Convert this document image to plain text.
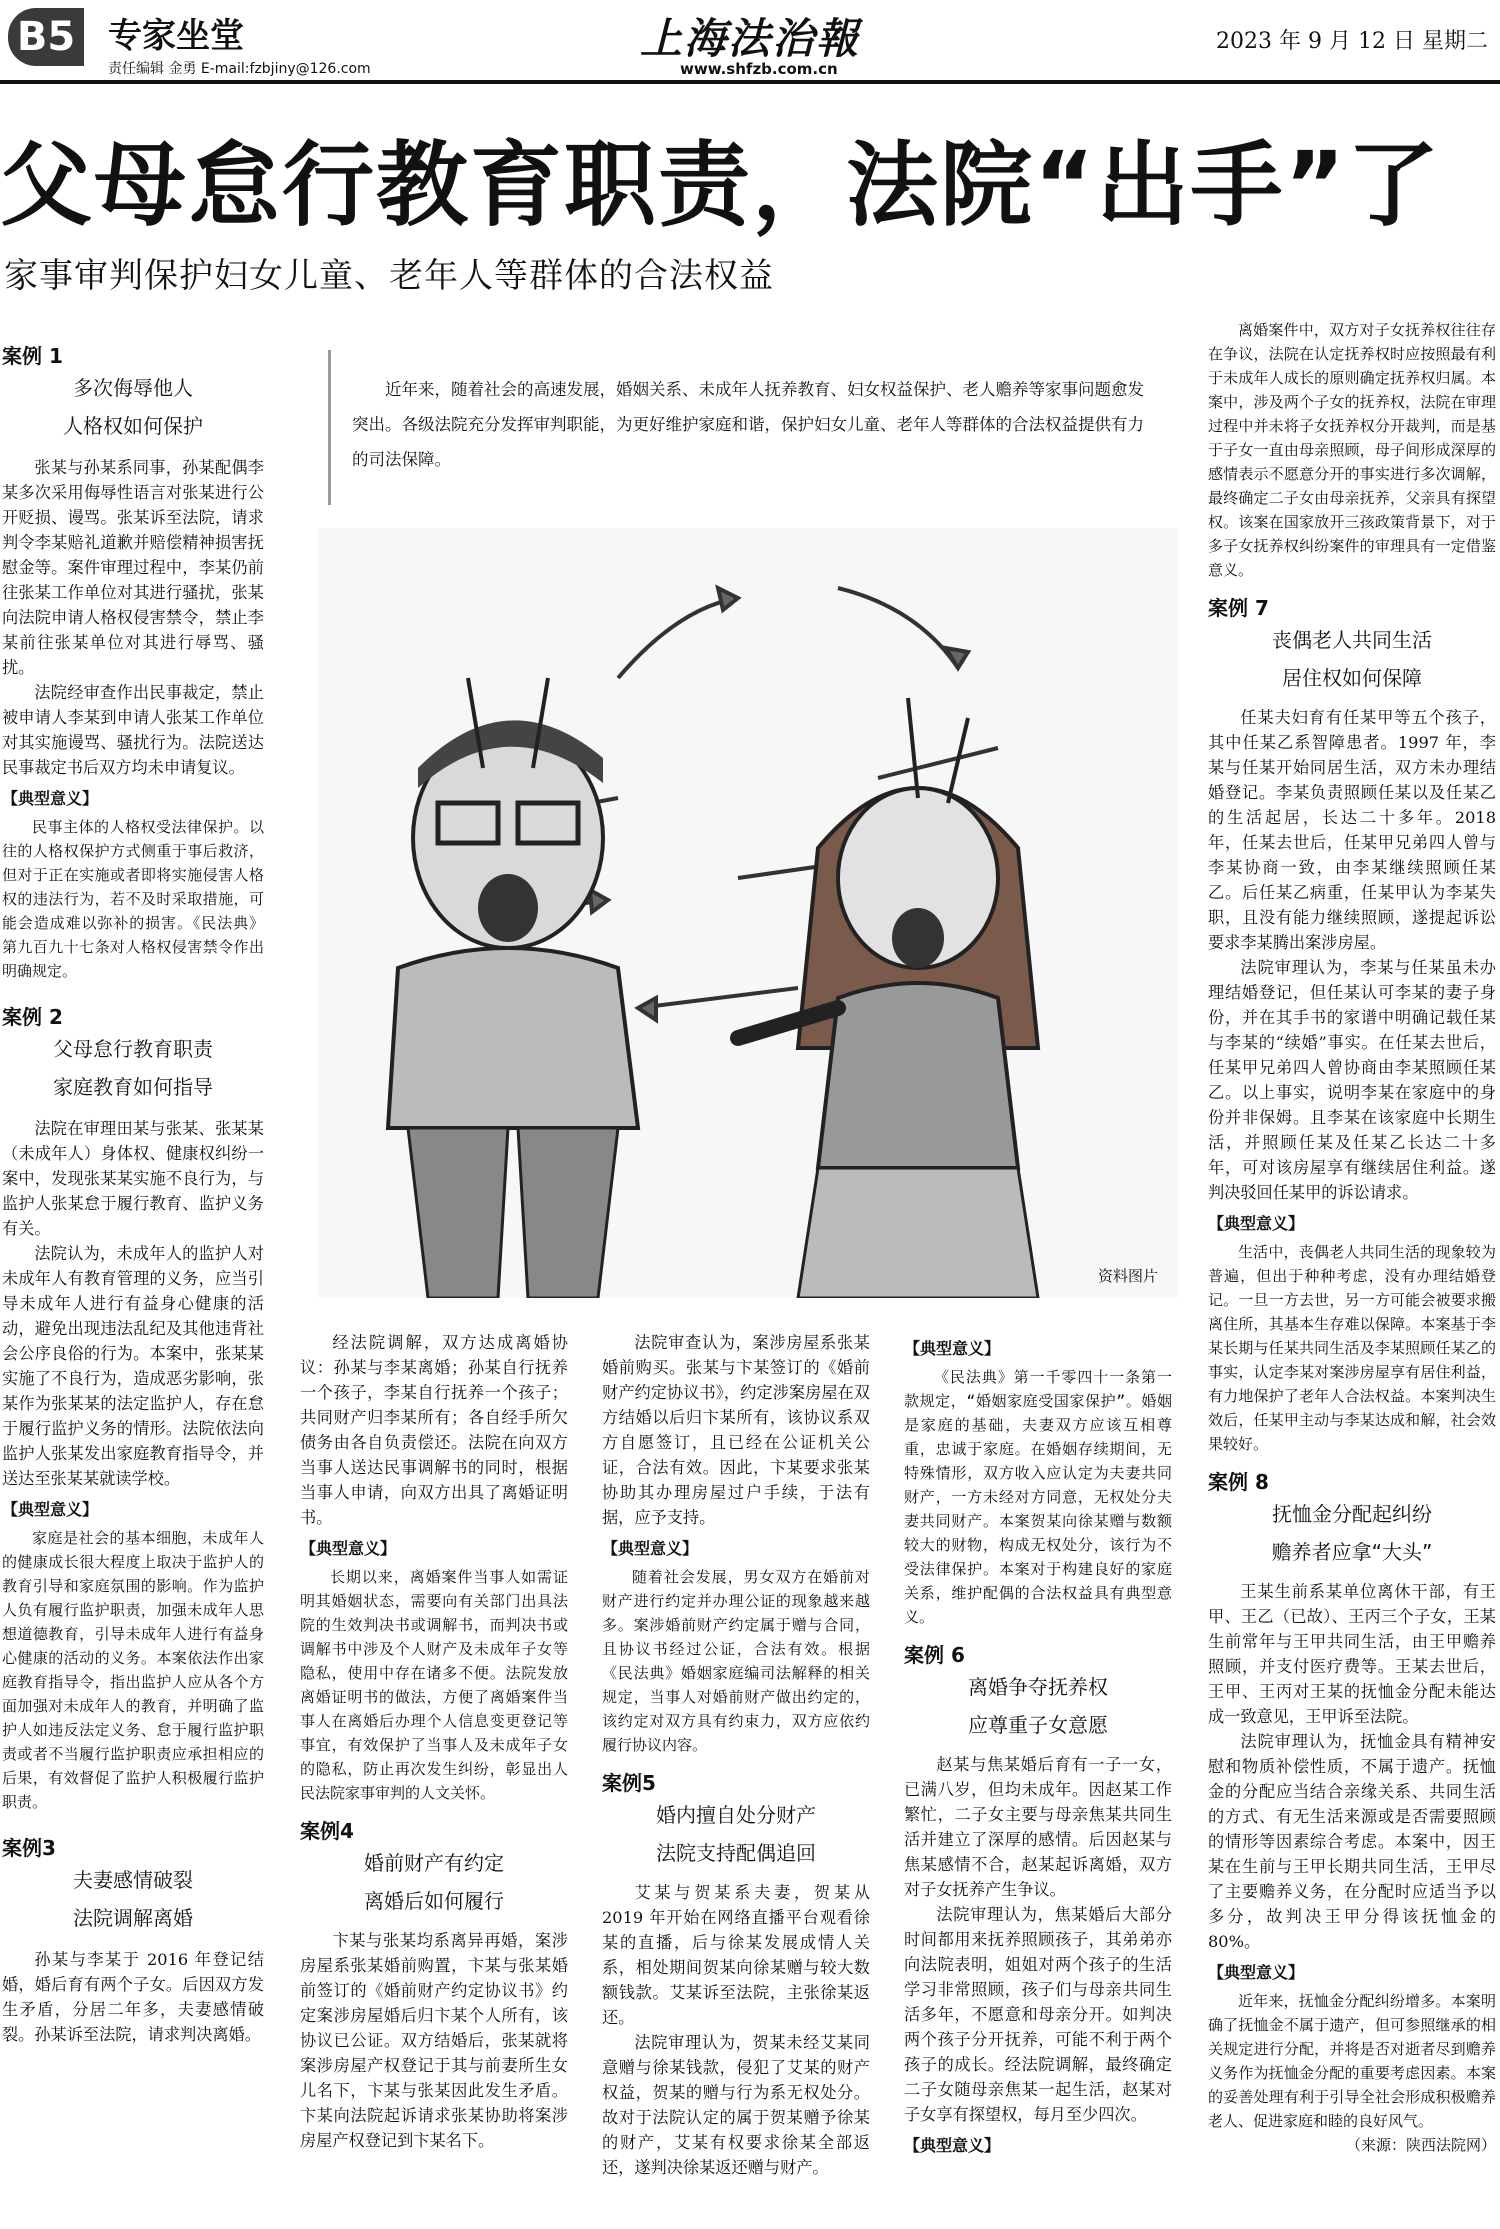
B5 专家坐堂
责任编辑 金勇 E-mail:fzbjiny@126.com
上海法治報
www.shfzb.com.cn
2023 年 9 月 12 日 星期二
父母怠行教育职责，法院“出手”了
家事审判保护妇女儿童、老年人等群体的合法权益
案例 1
多次侮辱他人
人格权如何保护

张某与孙某系同事，孙某配偶李某多次采用侮辱性语言对张某进行公开贬损、谩骂。张某诉至法院，请求判令李某赔礼道歉并赔偿精神损害抚慰金等。案件审理过程中，李某仍前往张某工作单位对其进行骚扰，张某向法院申请人格权侵害禁令，禁止李某前往张某单位对其进行辱骂、骚扰。

法院经审查作出民事裁定，禁止被申请人李某到申请人张某工作单位对其实施谩骂、骚扰行为。法院送达民事裁定书后双方均未申请复议。

【典型意义】

民事主体的人格权受法律保护。以往的人格权保护方式侧重于事后救济，但对于正在实施或者即将实施侵害人格权的违法行为，若不及时采取措施，可能会造成难以弥补的损害。《民法典》第九百九十七条对人格权侵害禁令作出明确规定。

案例 2
父母怠行教育职责
家庭教育如何指导

法院在审理田某与张某、张某某（未成年人）身体权、健康权纠纷一案中，发现张某某实施不良行为，与监护人张某怠于履行教育、监护义务有关。

法院认为，未成年人的监护人对未成年人有教育管理的义务，应当引导未成年人进行有益身心健康的活动，避免出现违法乱纪及其他违背社会公序良俗的行为。本案中，张某某实施了不良行为，造成恶劣影响，张某作为张某某的法定监护人，存在怠于履行监护义务的情形。法院依法向监护人张某发出家庭教育指导令，并送达至张某某就读学校。

【典型意义】

家庭是社会的基本细胞，未成年人的健康成长很大程度上取决于监护人的教育引导和家庭氛围的影响。作为监护人负有履行监护职责，加强未成年人思想道德教育，引导未成年人进行有益身心健康的活动的义务。本案依法作出家庭教育指导令，指出监护人应从各个方面加强对未成年人的教育，并明确了监护人如违反法定义务、怠于履行监护职责或者不当履行监护职责应承担相应的后果，有效督促了监护人积极履行监护职责。

案例3
夫妻感情破裂
法院调解离婚

孙某与李某于 2016 年登记结婚，婚后育有两个子女。后因双方发生矛盾，分居二年多，夫妻感情破裂。孙某诉至法院，请求判决离婚。

近年来，随着社会的高速发展，婚姻关系、未成年人抚养教育、妇女权益保护、老人赡养等家事问题愈发突出。各级法院充分发挥审判职能，为更好维护家庭和谐，保护妇女儿童、老年人等群体的合法权益提供有力的司法保障。
资料图片

经法院调解，双方达成离婚协议：孙某与李某离婚；孙某自行抚养一个孩子，李某自行抚养一个孩子；共同财产归李某所有；各自经手所欠债务由各自负责偿还。法院在向双方当事人送达民事调解书的同时，根据当事人申请，向双方出具了离婚证明书。

【典型意义】

长期以来，离婚案件当事人如需证明其婚姻状态，需要向有关部门出具法院的生效判决书或调解书，而判决书或调解书中涉及个人财产及未成年子女等隐私，使用中存在诸多不便。法院发放离婚证明书的做法，方便了离婚案件当事人在离婚后办理个人信息变更登记等事宜，有效保护了当事人及未成年子女的隐私，防止再次发生纠纷，彰显出人民法院家事审判的人文关怀。

案例4
婚前财产有约定
离婚后如何履行

卞某与张某均系离异再婚，案涉房屋系张某婚前购置，卞某与张某婚前签订的《婚前财产约定协议书》约定案涉房屋婚后归卞某个人所有，该协议已公证。双方结婚后，张某就将案涉房屋产权登记于其与前妻所生女儿名下，卞某与张某因此发生矛盾。卞某向法院起诉请求张某协助将案涉房屋产权登记到卞某名下。

法院审查认为，案涉房屋系张某婚前购买。张某与卞某签订的《婚前财产约定协议书》，约定涉案房屋在双方结婚以后归卞某所有，该协议系双方自愿签订，且已经在公证机关公证，合法有效。因此，卞某要求张某协助其办理房屋过户手续，于法有据，应予支持。

【典型意义】

随着社会发展，男女双方在婚前对财产进行约定并办理公证的现象越来越多。案涉婚前财产约定属于赠与合同，且协议书经过公证，合法有效。根据《民法典》婚姻家庭编司法解释的相关规定，当事人对婚前财产做出约定的，该约定对双方具有约束力，双方应依约履行协议内容。

案例5
婚内擅自处分财产
法院支持配偶追回

艾某与贺某系夫妻，贺某从 2019 年开始在网络直播平台观看徐某的直播，后与徐某发展成情人关系，相处期间贺某向徐某赠与较大数额钱款。艾某诉至法院，主张徐某返还。

法院审理认为，贺某未经艾某同意赠与徐某钱款，侵犯了艾某的财产权益，贺某的赠与行为系无权处分。故对于法院认定的属于贺某赠予徐某的财产，艾某有权要求徐某全部返还，遂判决徐某返还赠与财产。

【典型意义】

《民法典》第一千零四十一条第一款规定，“婚姻家庭受国家保护”。婚姻是家庭的基础，夫妻双方应该互相尊重，忠诚于家庭。在婚姻存续期间，无特殊情形，双方收入应认定为夫妻共同财产，一方未经对方同意，无权处分夫妻共同财产。本案贺某向徐某赠与数额较大的财物，构成无权处分，该行为不受法律保护。本案对于构建良好的家庭关系，维护配偶的合法权益具有典型意义。

案例 6
离婚争夺抚养权
应尊重子女意愿

赵某与焦某婚后育有一子一女，已满八岁，但均未成年。因赵某工作繁忙，二子女主要与母亲焦某共同生活并建立了深厚的感情。后因赵某与焦某感情不合，赵某起诉离婚，双方对子女抚养产生争议。

法院审理认为，焦某婚后大部分时间都用来抚养照顾孩子，其弟弟亦向法院表明，姐姐对两个孩子的生活学习非常照顾，孩子们与母亲共同生活多年，不愿意和母亲分开。如判决两个孩子分开抚养，可能不利于两个孩子的成长。经法院调解，最终确定二子女随母亲焦某一起生活，赵某对子女享有探望权，每月至少四次。

【典型意义】

离婚案件中，双方对子女抚养权往往存在争议，法院在认定抚养权时应按照最有利于未成年人成长的原则确定抚养权归属。本案中，涉及两个子女的抚养权，法院在审理过程中并未将子女抚养权分开裁判，而是基于子女一直由母亲照顾，母子间形成深厚的感情表示不愿意分开的事实进行多次调解，最终确定二子女由母亲抚养，父亲具有探望权。该案在国家放开三孩政策背景下，对于多子女抚养权纠纷案件的审理具有一定借鉴意义。

案例 7
丧偶老人共同生活
居住权如何保障

任某夫妇育有任某甲等五个孩子，其中任某乙系智障患者。1997 年，李某与任某开始同居生活，双方未办理结婚登记。李某负责照顾任某以及任某乙的生活起居，长达二十多年。2018 年，任某去世后，任某甲兄弟四人曾与李某协商一致，由李某继续照顾任某乙。后任某乙病重，任某甲认为李某失职，且没有能力继续照顾，遂提起诉讼要求李某腾出案涉房屋。

法院审理认为，李某与任某虽未办理结婚登记，但任某认可李某的妻子身份，并在其手书的家谱中明确记载任某与李某的“续婚”事实。在任某去世后，任某甲兄弟四人曾协商由李某照顾任某乙。以上事实，说明李某在家庭中的身份并非保姆。且李某在该家庭中长期生活，并照顾任某及任某乙长达二十多年，可对该房屋享有继续居住利益。遂判决驳回任某甲的诉讼请求。

【典型意义】

生活中，丧偶老人共同生活的现象较为普遍，但出于种种考虑，没有办理结婚登记。一旦一方去世，另一方可能会被要求搬离住所，其基本生存难以保障。本案基于李某长期与任某共同生活及李某照顾任某乙的事实，认定李某对案涉房屋享有居住利益，有力地保护了老年人合法权益。本案判决生效后，任某甲主动与李某达成和解，社会效果较好。

案例 8
抚恤金分配起纠纷
赡养者应拿“大头”

王某生前系某单位离休干部，有王甲、王乙（已故）、王丙三个子女，王某生前常年与王甲共同生活，由王甲赡养照顾，并支付医疗费等。王某去世后，王甲、王丙对王某的抚恤金分配未能达成一致意见，王甲诉至法院。

法院审理认为，抚恤金具有精神安慰和物质补偿性质，不属于遗产。抚恤金的分配应当结合亲缘关系、共同生活的方式、有无生活来源或是否需要照顾的情形等因素综合考虑。本案中，因王某在生前与王甲长期共同生活，王甲尽了主要赡养义务，在分配时应适当予以多分，故判决王甲分得该抚恤金的 80%。

【典型意义】

近年来，抚恤金分配纠纷增多。本案明确了抚恤金不属于遗产，但可参照继承的相关规定进行分配，并将是否对逝者尽到赡养义务作为抚恤金分配的重要考虑因素。本案的妥善处理有利于引导全社会形成积极赡养老人、促进家庭和睦的良好风气。

（来源：陕西法院网）
